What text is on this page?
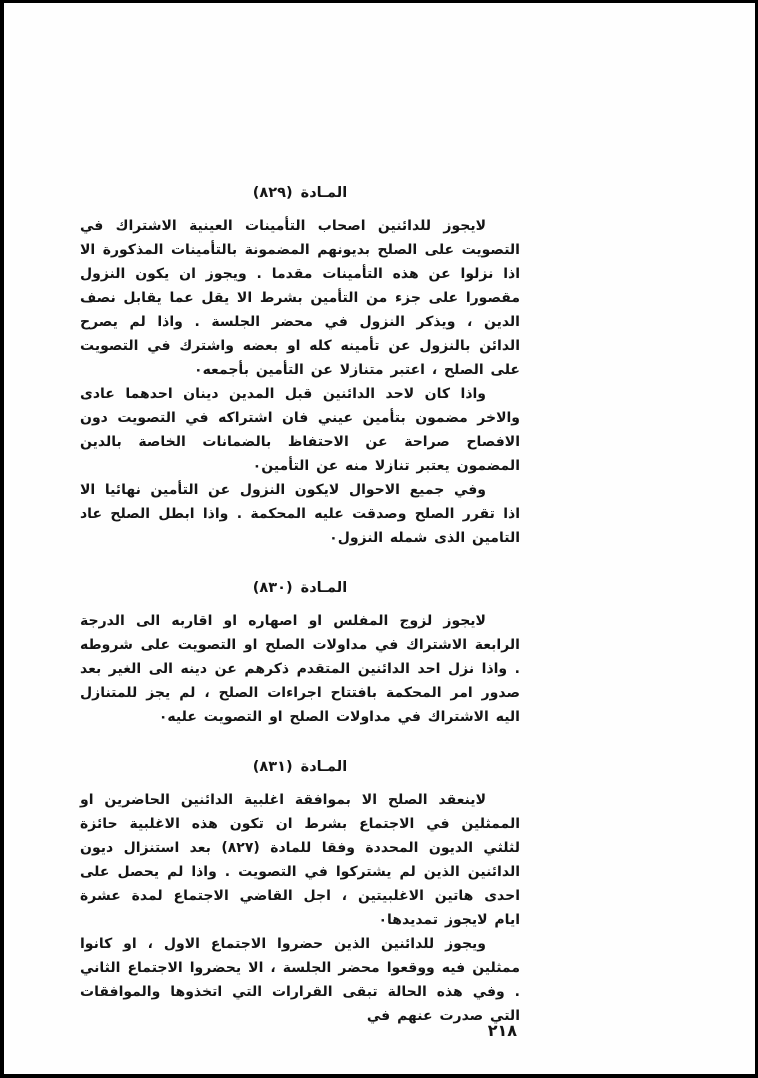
المـادة (٨٢٩)

لايجوز للدائنين اصحاب التأمينات العينية الاشتراك في التصويت على الصلح بديونهم المضمونة بالتأمينات المذكورة الا اذا نزلوا عن هذه التأمينات مقدما . ويجوز ان يكون النزول مقصورا على جزء من التأمين بشرط الا يقل عما يقابل نصف الدين ، ويذكر النزول في محضر الجلسة . واذا لم يصرح الدائن بالنزول عن تأمينه كله او بعضه واشترك في التصويت على الصلح ، اعتبر متنازلا عن التأمين بأجمعه٠

واذا كان لاحد الدائنين قبل المدين دينان احدهما عادى والاخر مضمون بتأمين عيني فان اشتراكه في التصويت دون الافصاح صراحة عن الاحتفاظ بالضمانات الخاصة بالدين المضمون يعتبر تنازلا منه عن التأمين٠

وفي جميع الاحوال لايكون النزول عن التأمين نهائيا الا اذا تقرر الصلح وصدقت عليه المحكمة . واذا ابطل الصلح عاد التامين الذى شمله النزول٠

المـادة (٨٣٠)

لايجوز لزوج المفلس او اصهاره او اقاربه الى الدرجة الرابعة الاشتراك في مداولات الصلح او التصويت على شروطه . واذا نزل احد الدائنين المتقدم ذكرهم عن دينه الى الغير بعد صدور امر المحكمة بافتتاح اجراءات الصلح ، لم يجز للمتنازل اليه الاشتراك في مداولات الصلح او التصويت عليه٠

المـادة (٨٣١)

لاينعقد الصلح الا بموافقة اغلبية الدائنين الحاضرين او الممثلين في الاجتماع بشرط ان تكون هذه الاغلبية حائزة لثلثي الديون المحددة وفقا للمادة (٨٢٧) بعد استنزال ديون الدائنين الذين لم يشتركوا في التصويت . واذا لم يحصل على احدى هاتين الاغلبيتين ، اجل القاضي الاجتماع لمدة عشرة ايام لايجوز تمديدها٠

ويجوز للدائنين الذين حضروا الاجتماع الاول ، او كانوا ممثلين فيه ووقعوا محضر الجلسة ، الا يحضروا الاجتماع الثاني . وفي هذه الحالة تبقى القرارات التي اتخذوها والموافقات التي صدرت عنهم في

٢١٨
